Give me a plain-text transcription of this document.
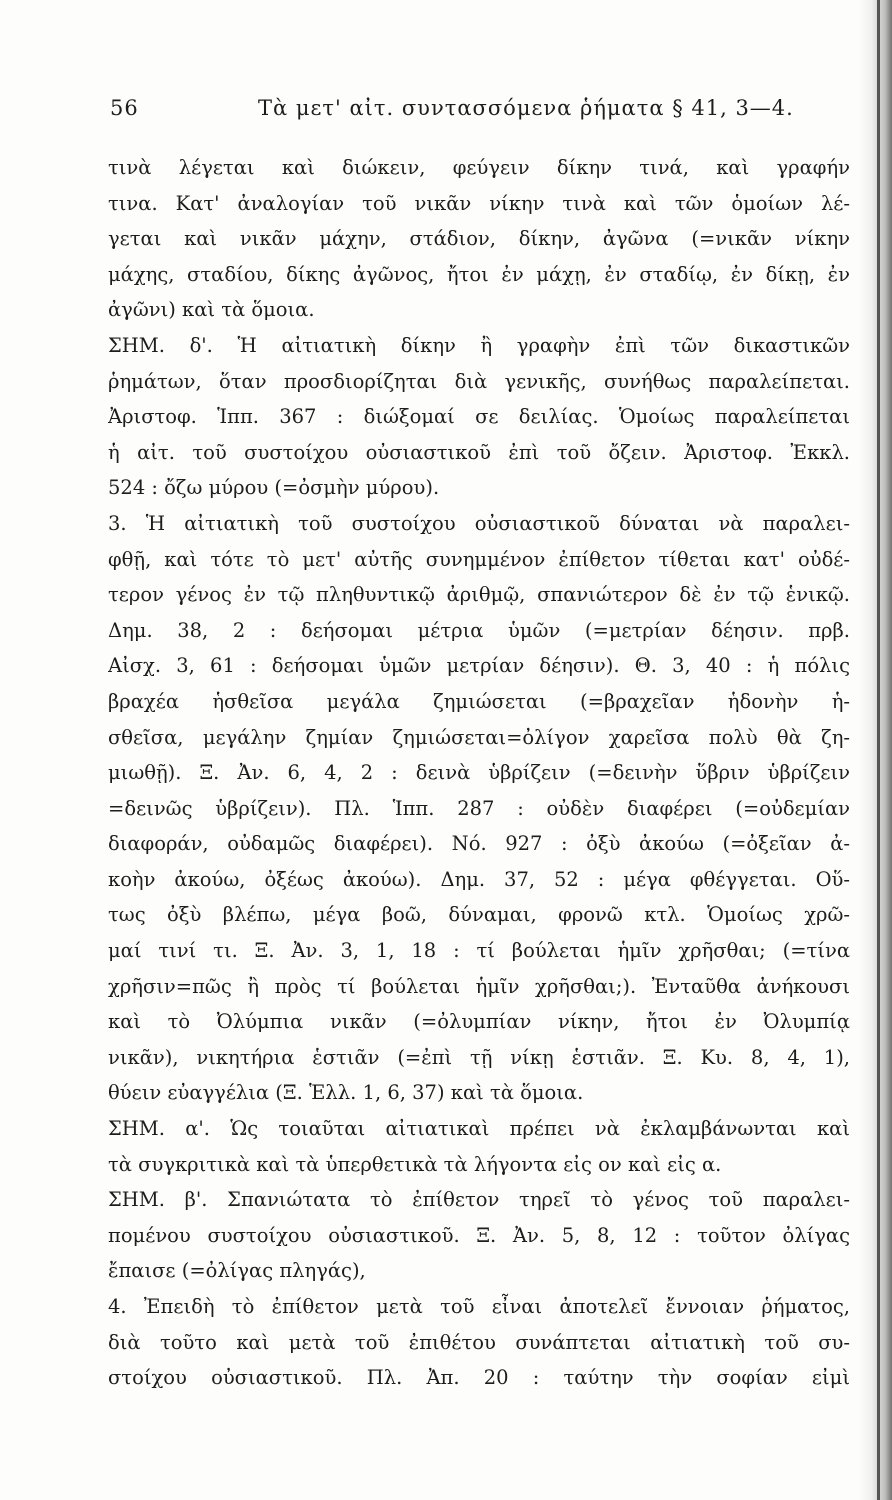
56	Τὰ μετ' αἰτ. συντασσόμενα ῥήματα § 41, 3—4.
τινὰ λέγεται καὶ διώκειν, φεύγειν δίκην τινά, καὶ γραφήν
τινα. Κατ' ἀναλογίαν τοῦ νικᾶν νίκην τινὰ καὶ τῶν ὁμοίων λέ-
γεται καὶ νικᾶν μάχην, στάδιον, δίκην, ἀγῶνα (=νικᾶν νίκην
μάχης, σταδίου, δίκης ἀγῶνος, ἤτοι ἐν μάχῃ, ἐν σταδίῳ, ἐν δίκῃ, ἐν
ἀγῶνι) καὶ τὰ ὅμοια.
ΣΗΜ. δ'. Ἡ αἰτιατικὴ δίκην ἢ γραφὴν ἐπὶ τῶν δικαστικῶν
ῥημάτων, ὅταν προσδιορίζηται διὰ γενικῆς, συνήθως παραλείπεται.
Ἀριστοφ. Ἱππ. 367 : διώξομαί σε δειλίας. Ὁμοίως παραλείπεται
ἡ αἰτ. τοῦ συστοίχου οὐσιαστικοῦ ἐπὶ τοῦ ὄζειν. Ἀριστοφ. Ἐκκλ.
524 : ὄζω μύρου (=ὀσμὴν μύρου).
3. Ἡ αἰτιατικὴ τοῦ συστοίχου οὐσιαστικοῦ δύναται νὰ παραλει-
φθῇ, καὶ τότε τὸ μετ' αὐτῆς συνημμένον ἐπίθετον τίθεται κατ' οὐδέ-
τερον γένος ἐν τῷ πληθυντικῷ ἀριθμῷ, σπανιώτερον δὲ ἐν τῷ ἑνικῷ.
Δημ. 38, 2 : δεήσομαι μέτρια ὑμῶν (=μετρίαν δέησιν. πρβ.
Αἰσχ. 3, 61 : δεήσομαι ὑμῶν μετρίαν δέησιν). Θ. 3, 40 : ἡ πόλις
βραχέα ἡσθεῖσα μεγάλα ζημιώσεται (=βραχεῖαν ἡδονὴν ἡ-
σθεῖσα, μεγάλην ζημίαν ζημιώσεται=ὀλίγον χαρεῖσα πολὺ θὰ ζη-
μιωθῇ). Ξ. Ἀν. 6, 4, 2 : δεινὰ ὑβρίζειν (=δεινὴν ὕβριν ὑβρίζειν
=δεινῶς ὑβρίζειν). Πλ. Ἱππ. 287 : οὐδὲν διαφέρει (=οὐδεμίαν
διαφοράν, οὐδαμῶς διαφέρει). Νό. 927 : ὀξὺ ἀκούω (=ὀξεῖαν ἀ-
κοὴν ἀκούω, ὀξέως ἀκούω). Δημ. 37, 52 : μέγα φθέγγεται. Οὕ-
τως ὀξὺ βλέπω, μέγα βοῶ, δύναμαι, φρονῶ κτλ. Ὁμοίως χρῶ-
μαί τινί τι. Ξ. Ἀν. 3, 1, 18 : τί βούλεται ἡμῖν χρῆσθαι; (=τίνα
χρῆσιν=πῶς ἢ πρὸς τί βούλεται ἡμῖν χρῆσθαι;). Ἐνταῦθα ἀνήκουσι
καὶ τὸ Ὀλύμπια νικᾶν (=ὀλυμπίαν νίκην, ἤτοι ἐν Ὀλυμπίᾳ
νικᾶν), νικητήρια ἑστιᾶν (=ἐπὶ τῇ νίκῃ ἑστιᾶν. Ξ. Κυ. 8, 4, 1),
θύειν εὐαγγέλια (Ξ. Ἑλλ. 1, 6, 37) καὶ τὰ ὅμοια.
ΣΗΜ. α'. Ὡς τοιαῦται αἰτιατικαὶ πρέπει νὰ ἐκλαμβάνωνται καὶ
τὰ συγκριτικὰ καὶ τὰ ὑπερθετικὰ τὰ λήγοντα εἰς ον καὶ εἰς α.
ΣΗΜ. β'. Σπανιώτατα τὸ ἐπίθετον τηρεῖ τὸ γένος τοῦ παραλει-
πομένου συστοίχου οὐσιαστικοῦ. Ξ. Ἀν. 5, 8, 12 : τοῦτον ὀλίγας
ἔπαισε (=ὀλίγας πληγάς),
4. Ἐπειδὴ τὸ ἐπίθετον μετὰ τοῦ εἶναι ἀποτελεῖ ἔννοιαν ῥήματος,
διὰ τοῦτο καὶ μετὰ τοῦ ἐπιθέτου συνάπτεται αἰτιατικὴ τοῦ συ-
στοίχου οὐσιαστικοῦ. Πλ. Ἀπ. 20 : ταύτην τὴν σοφίαν εἰμὶ
